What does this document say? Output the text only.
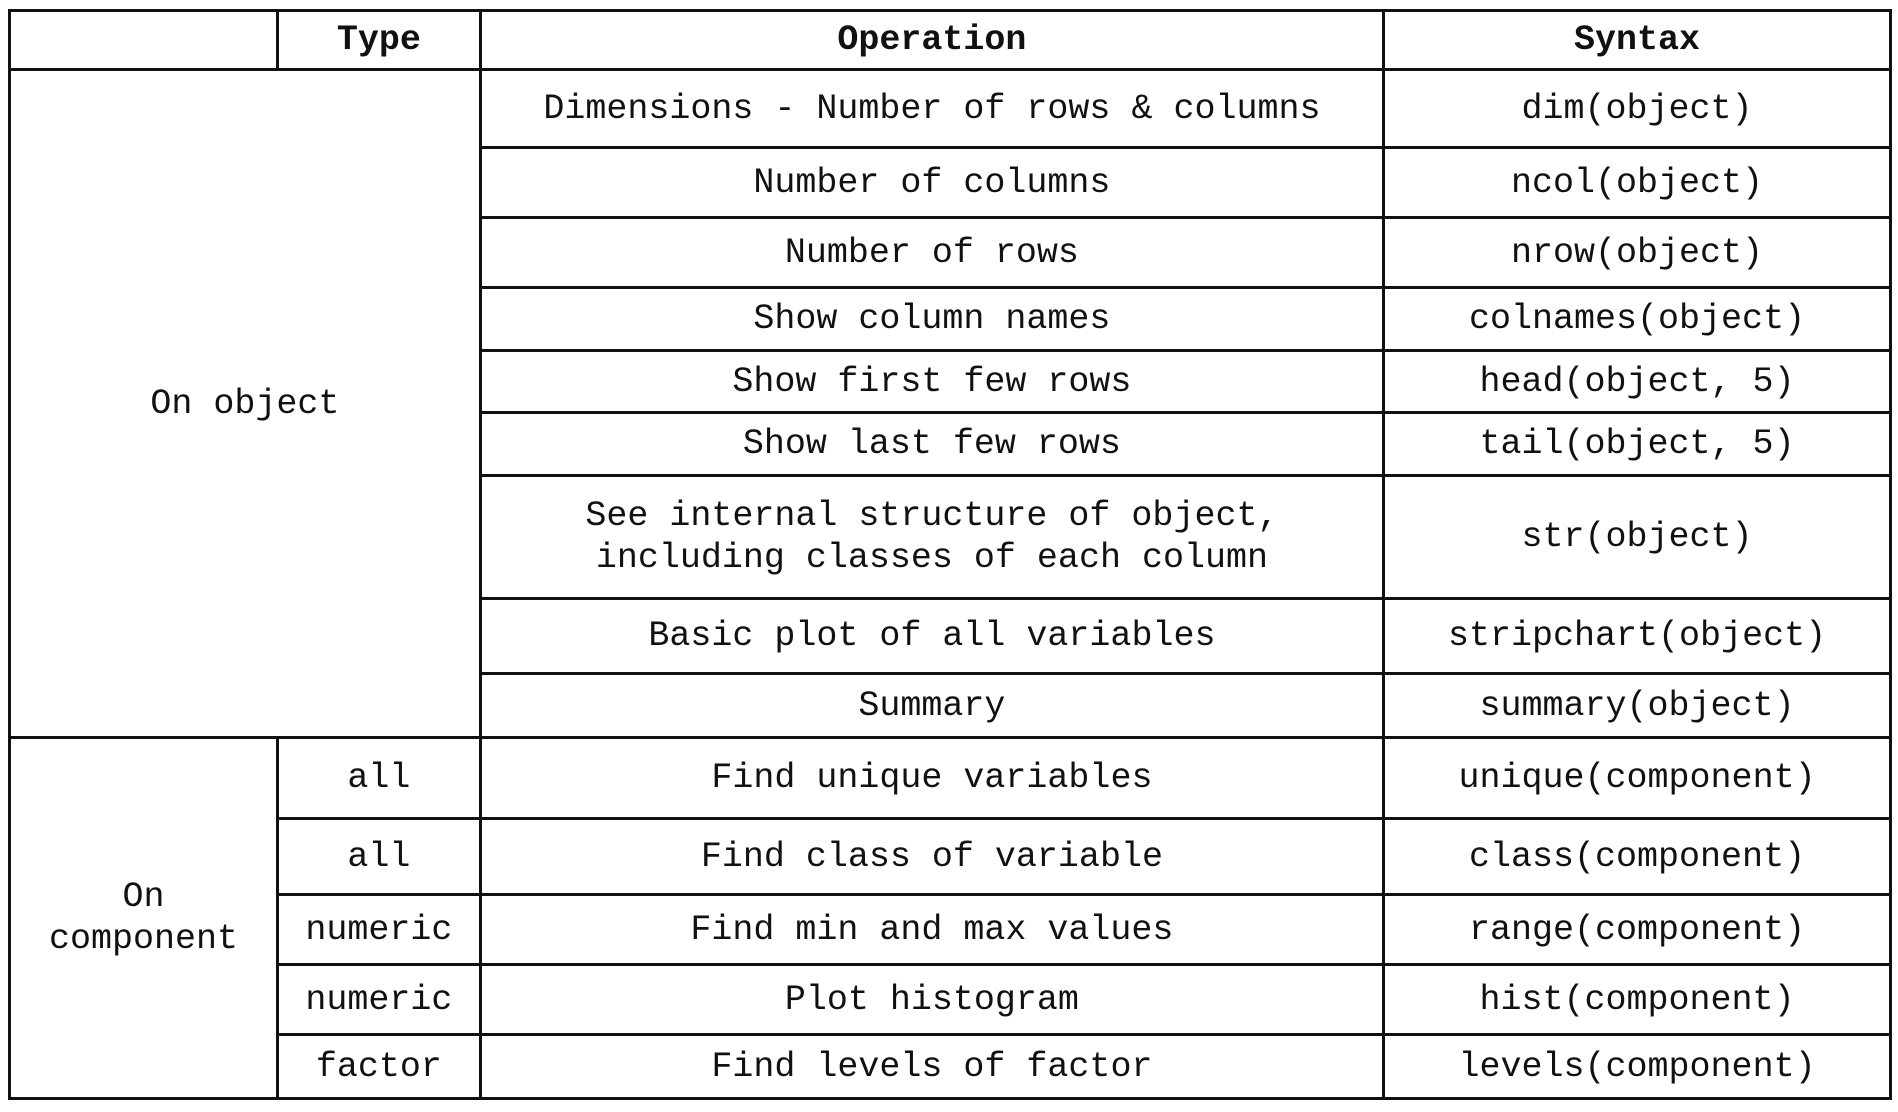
	Type	Operation	Syntax
On object		Dimensions - Number of rows & columns	dim(object)
		Number of columns	ncol(object)
		Number of rows	nrow(object)
		Show column names	colnames(object)
		Show first few rows	head(object, 5)
		Show last few rows	tail(object, 5)
		See internal structure of object,
including classes of each column	str(object)
		Basic plot of all variables	stripchart(object)
		Summary	summary(object)
On
component	all	Find unique variables	unique(component)
	all	Find class of variable	class(component)
	numeric	Find min and max values	range(component)
	numeric	Plot histogram	hist(component)
	factor	Find levels of factor	levels(component)
